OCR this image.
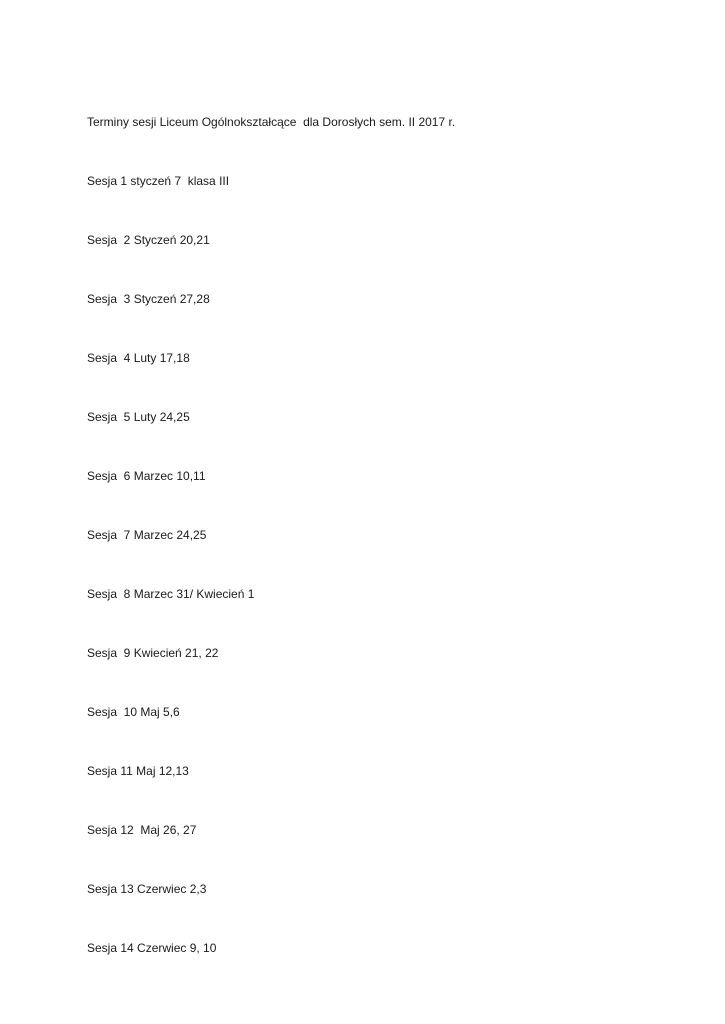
Terminy sesji Liceum Ogólnokształcące  dla Dorosłych sem. II 2017 r.

Sesja 1 styczeń 7  klasa III

Sesja  2 Styczeń 20,21

Sesja  3 Styczeń 27,28

Sesja  4 Luty 17,18

Sesja  5 Luty 24,25

Sesja  6 Marzec 10,11

Sesja  7 Marzec 24,25

Sesja  8 Marzec 31/ Kwiecień 1

Sesja  9 Kwiecień 21, 22

Sesja  10 Maj 5,6

Sesja 11 Maj 12,13

Sesja 12  Maj 26, 27

Sesja 13 Czerwiec 2,3

Sesja 14 Czerwiec 9, 10
